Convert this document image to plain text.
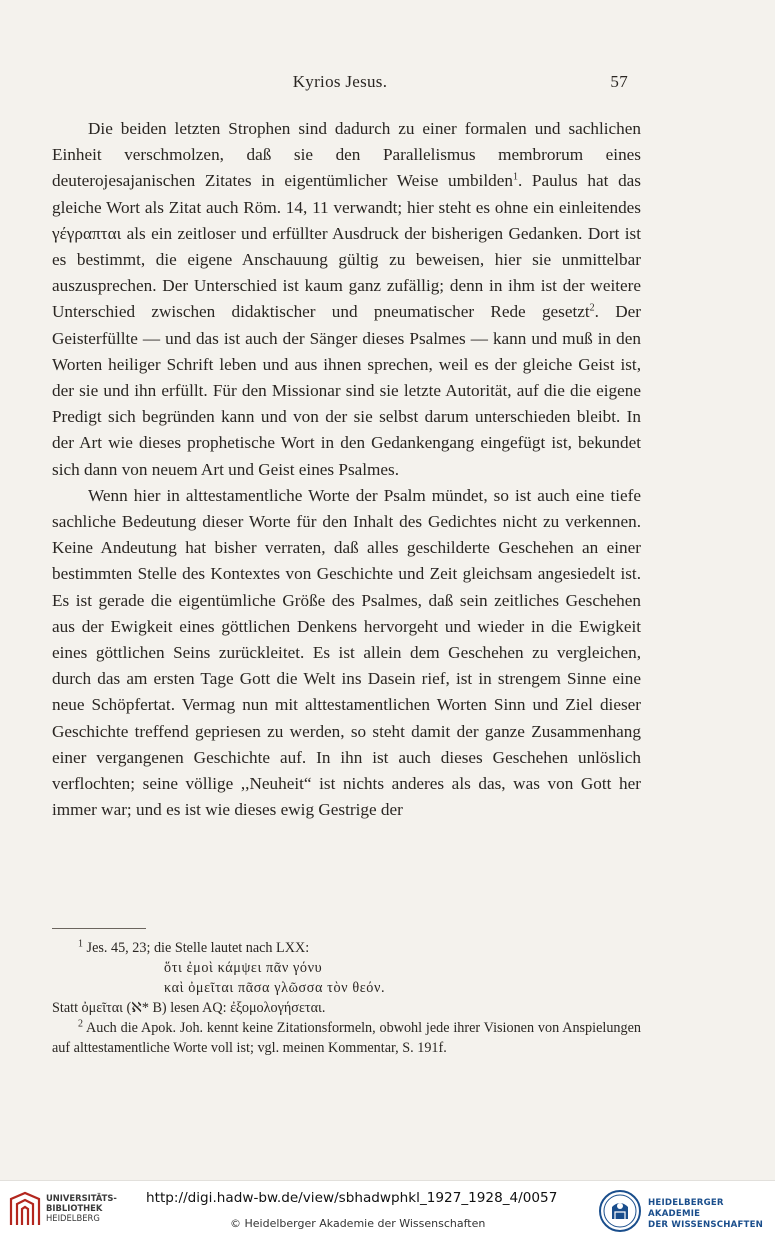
Kyrios Jesus.	57

Die beiden letzten Strophen sind dadurch zu einer formalen und sachlichen Einheit verschmolzen, daß sie den Parallelismus membrorum eines deuterojesajanischen Zitates in eigentümlicher Weise umbilden$^1$. Paulus hat das gleiche Wort als Zitat auch Röm. 14, 11 verwandt; hier steht es ohne ein einleitendes γέγραπται als ein zeitloser und erfüllter Ausdruck der bisherigen Gedanken. Dort ist es bestimmt, die eigene Anschauung gültig zu beweisen, hier sie unmittelbar auszusprechen. Der Unterschied ist kaum ganz zufällig; denn in ihm ist der weitere Unterschied zwischen didaktischer und pneumatischer Rede gesetzt$^2$. Der Geisterfüllte — und das ist auch der Sänger dieses Psalmes — kann und muß in den Worten heiliger Schrift leben und aus ihnen sprechen, weil es der gleiche Geist ist, der sie und ihn erfüllt. Für den Missionar sind sie letzte Autorität, auf die die eigene Predigt sich begründen kann und von der sie selbst darum unterschieden bleibt. In der Art wie dieses prophetische Wort in den Gedankengang eingefügt ist, bekundet sich dann von neuem Art und Geist eines Psalmes.

Wenn hier in alttestamentliche Worte der Psalm mündet, so ist auch eine tiefe sachliche Bedeutung dieser Worte für den Inhalt des Gedichtes nicht zu verkennen. Keine Andeutung hat bisher verraten, daß alles geschilderte Geschehen an einer bestimmten Stelle des Kontextes von Geschichte und Zeit gleichsam angesiedelt ist. Es ist gerade die eigentümliche Größe des Psalmes, daß sein zeitliches Geschehen aus der Ewigkeit eines göttlichen Denkens hervorgeht und wieder in die Ewigkeit eines göttlichen Seins zurückleitet. Es ist allein dem Geschehen zu vergleichen, durch das am ersten Tage Gott die Welt ins Dasein rief, ist in strengem Sinne eine neue Schöpfertat. Vermag nun mit alttestamentlichen Worten Sinn und Ziel dieser Geschichte treffend gepriesen zu werden, so steht damit der ganze Zusammenhang einer vergangenen Geschichte auf. In ihn ist auch dieses Geschehen unlöslich verflochten; seine völlige ,,Neuheit“ ist nichts anderes als das, was von Gott her immer war; und es ist wie dieses ewig Gestrige der

$^1$ Jes. 45, 23; die Stelle lautet nach LXX:

ὅτι ἐμοὶ κάμψει πᾶν γόνυ

καὶ ὀμεῖται πᾶσα γλῶσσα τὸν θεόν.

Statt ὀμεῖται (ℵ* B) lesen AQ: ἐξομολογήσεται.

$^2$ Auch die Apok. Joh. kennt keine Zitationsformeln, obwohl jede ihrer Visionen von Anspielungen auf alttestamentliche Worte voll ist; vgl. meinen Kommentar, S. 191f.

UNIVERSITÄTS-
BIBLIOTHEK
HEIDELBERG
http://digi.hadw-bw.de/view/sbhadwphkl_1927_1928_4/0057
© Heidelberger Akademie der Wissenschaften
HEIDELBERGER AKADEMIE
DER WISSENSCHAFTEN
